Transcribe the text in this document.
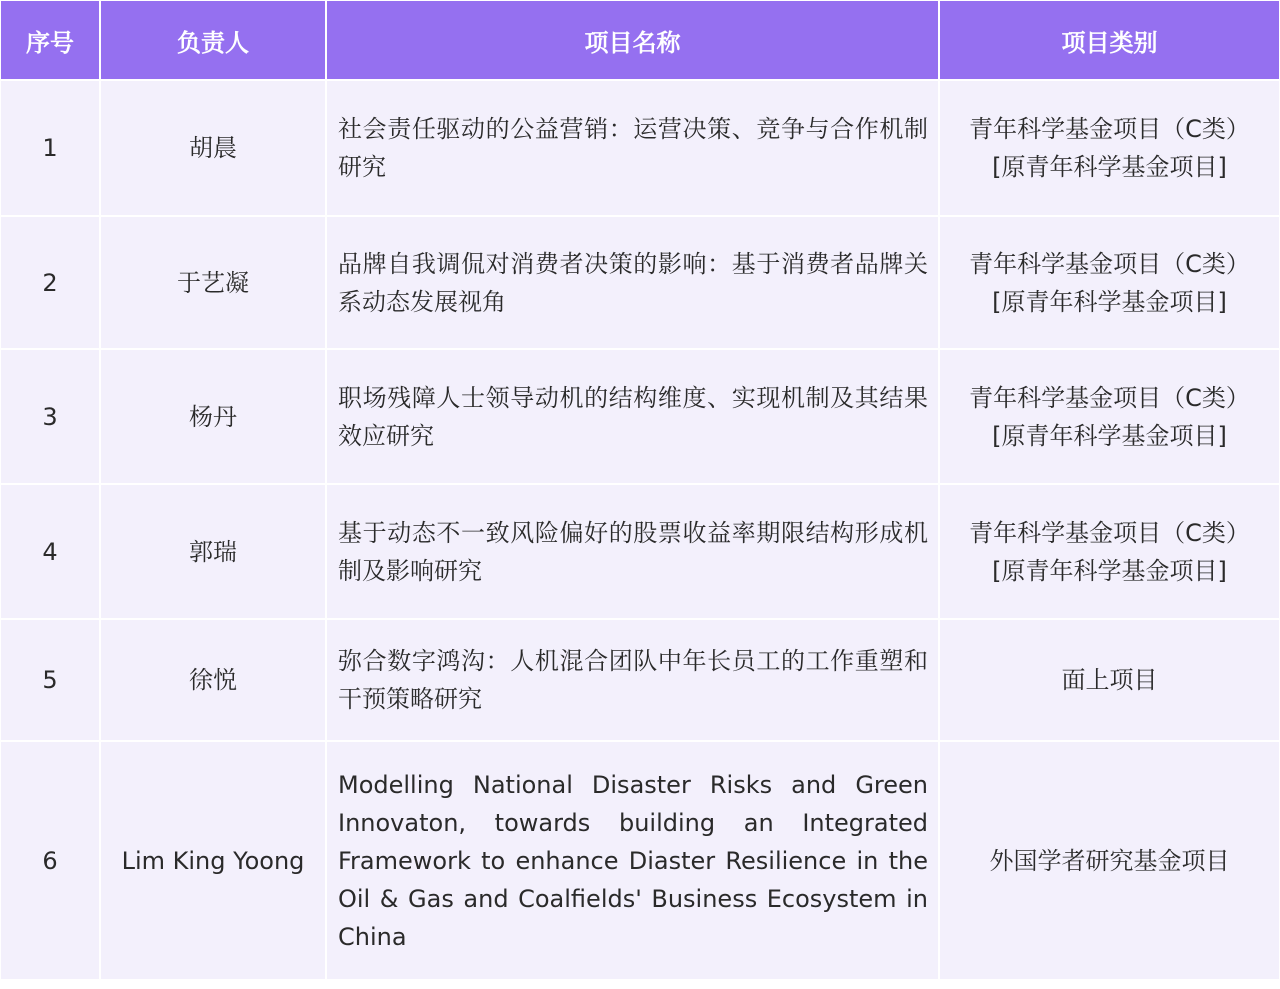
序号	负责人	项目名称	项目类别
1	胡晨	社会责任驱动的公益营销：运营决策、竞争与合作机制研究	青年科学基金项目（C类）
[原青年科学基金项目]

2	于艺凝	品牌自我调侃对消费者决策的影响：基于消费者品牌关系动态发展视角	青年科学基金项目（C类）
[原青年科学基金项目]

3	杨丹	职场残障人士领导动机的结构维度、实现机制及其结果效应研究	青年科学基金项目（C类）
[原青年科学基金项目]

4	郭瑞	基于动态不一致风险偏好的股票收益率期限结构形成机制及影响研究	青年科学基金项目（C类）
[原青年科学基金项目]

5	徐悦	弥合数字鸿沟：人机混合团队中年长员工的工作重塑和干预策略研究	面上项目

6	Lim King Yoong	Modelling National Disaster Risks and Green Innovaton, towards building an Integrated Framework to enhance Diaster Resilience in the Oil & Gas and Coalfields' Business Ecosystem in China	外国学者研究基金项目
